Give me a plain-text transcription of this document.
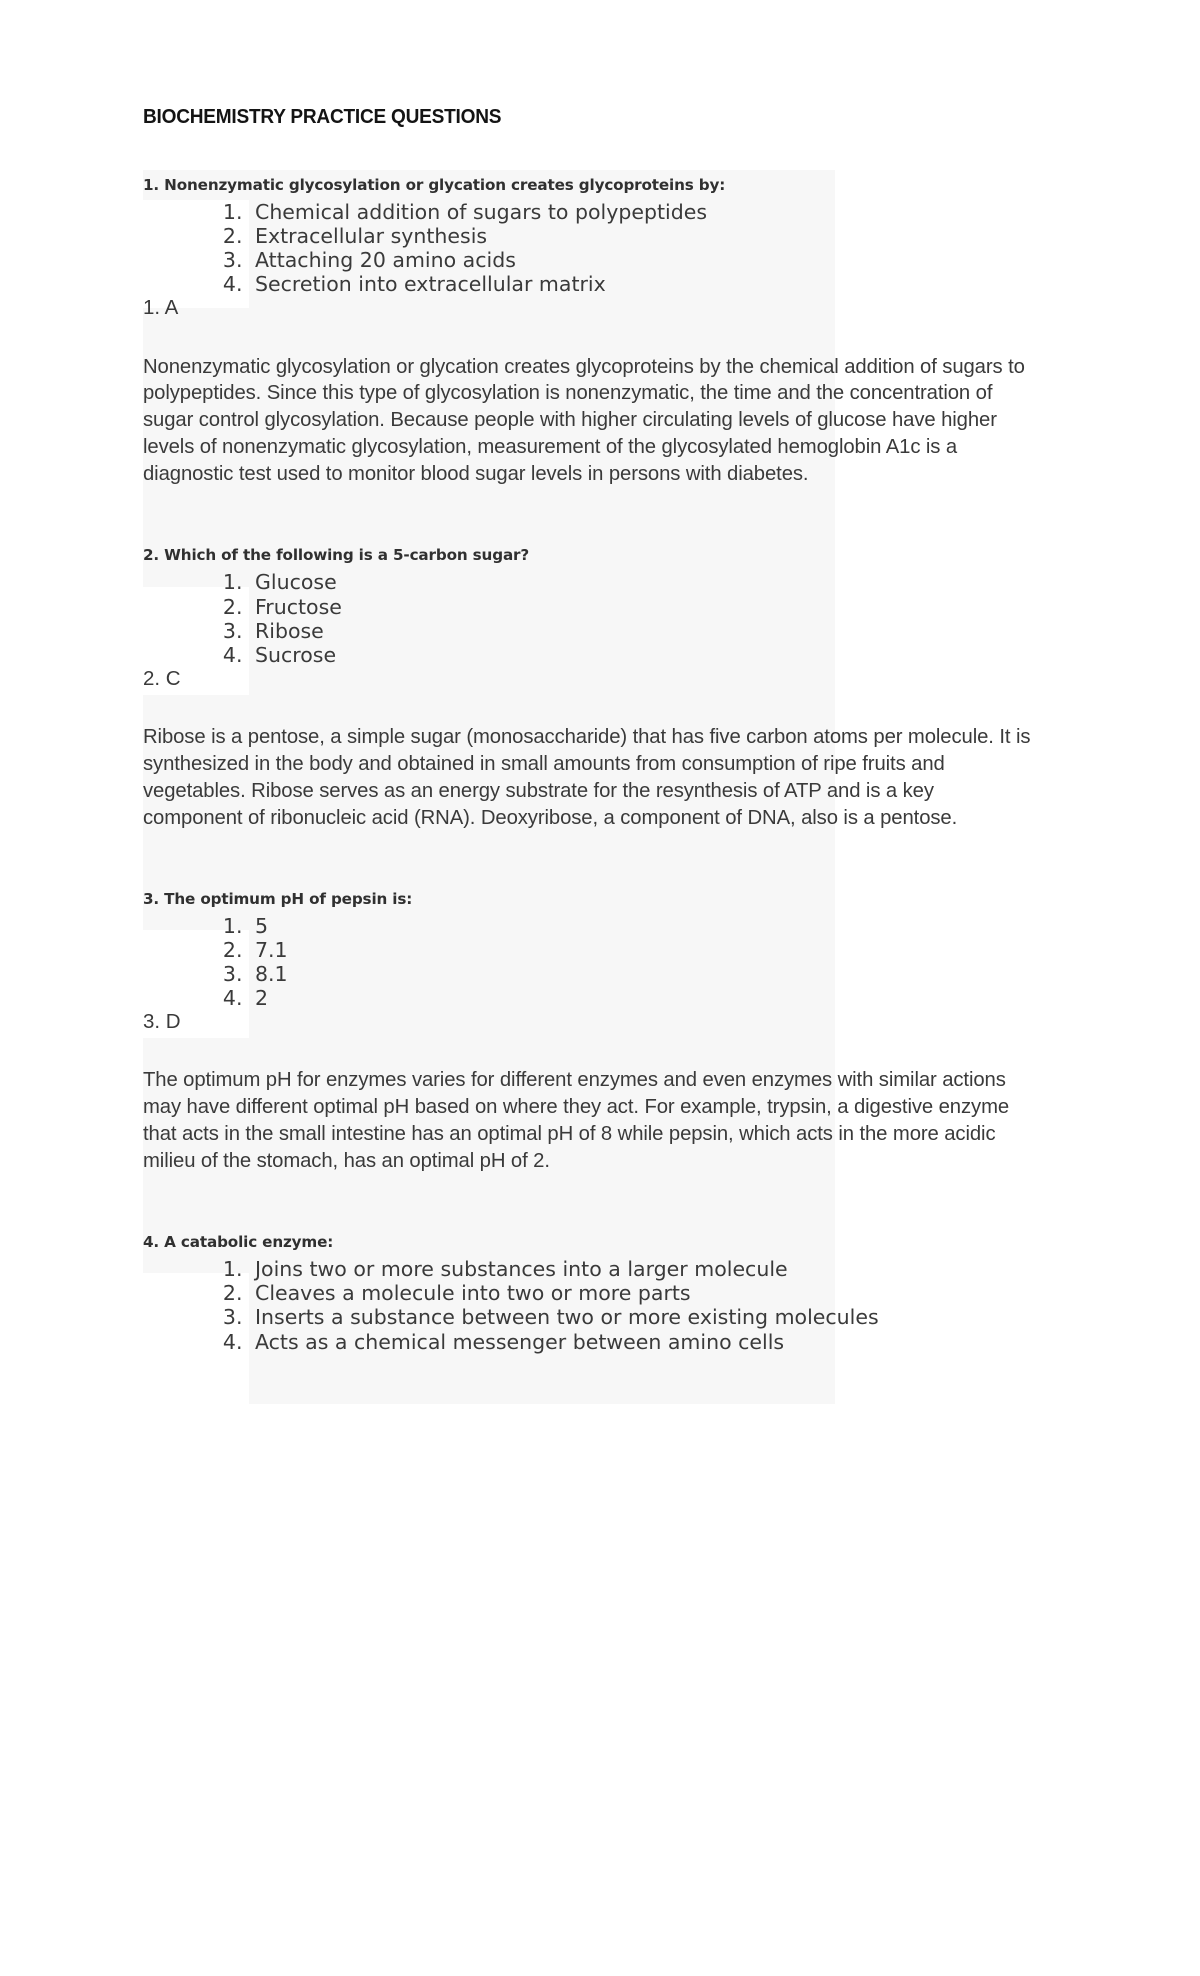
BIOCHEMISTRY PRACTICE QUESTIONS
1. Nonenzymatic glycosylation or glycation creates glycoproteins by:
1. Chemical addition of sugars to polypeptides
2. Extracellular synthesis
3. Attaching 20 amino acids
4. Secretion into extracellular matrix

1. A

Nonenzymatic glycosylation or glycation creates glycoproteins by the chemical addition of sugars to polypeptides. Since this type of glycosylation is nonenzymatic, the time and the concentration of sugar control glycosylation. Because people with higher circulating levels of glucose have higher levels of nonenzymatic glycosylation, measurement of the glycosylated hemoglobin A1c is a diagnostic test used to monitor blood sugar levels in persons with diabetes.

2. Which of the following is a 5-carbon sugar?
1. Glucose
2. Fructose
3. Ribose
4. Sucrose

2. C

Ribose is a pentose, a simple sugar (monosaccharide) that has five carbon atoms per molecule. It is synthesized in the body and obtained in small amounts from consumption of ripe fruits and vegetables. Ribose serves as an energy substrate for the resynthesis of ATP and is a key component of ribonucleic acid (RNA). Deoxyribose, a component of DNA, also is a pentose.

3. The optimum pH of pepsin is:
1. 5
2. 7.1
3. 8.1
4. 2

3. D

The optimum pH for enzymes varies for different enzymes and even enzymes with similar actions may have different optimal pH based on where they act. For example, trypsin, a digestive enzyme that acts in the small intestine has an optimal pH of 8 while pepsin, which acts in the more acidic milieu of the stomach, has an optimal pH of 2.

4. A catabolic enzyme:
1. Joins two or more substances into a larger molecule
2. Cleaves a molecule into two or more parts
3. Inserts a substance between two or more existing molecules
4. Acts as a chemical messenger between amino cells
